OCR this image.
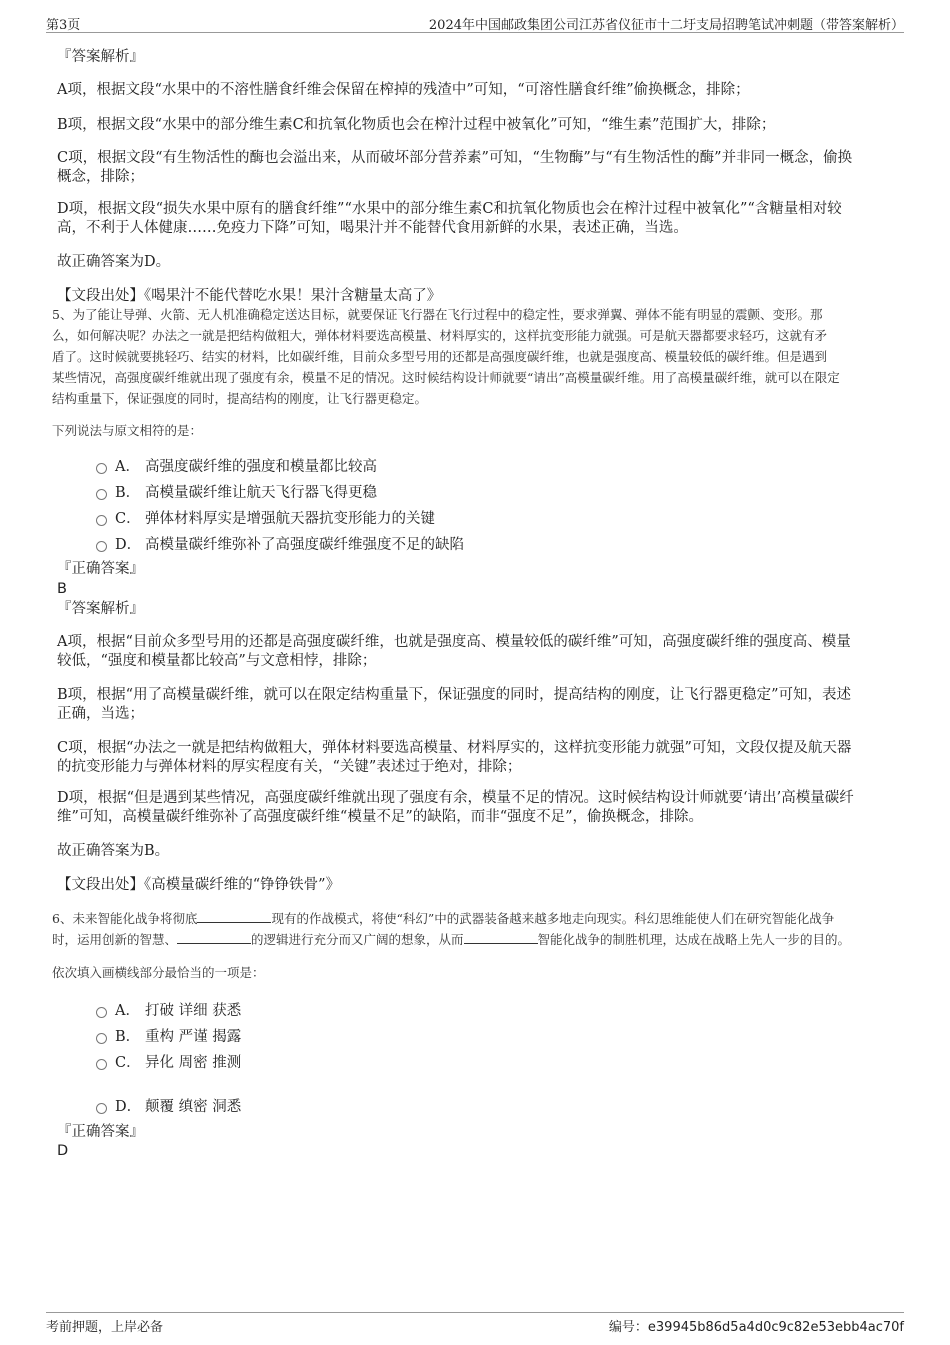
第3页	2024年中国邮政集团公司江苏省仪征市十二圩支局招聘笔试冲刺题（带答案解析）
『答案解析』
A项，根据文段“水果中的不溶性膳食纤维会保留在榨掉的残渣中”可知，“可溶性膳食纤维”偷换概念，排除；
B项，根据文段“水果中的部分维生素C和抗氧化物质也会在榨汁过程中被氧化”可知，“维生素”范围扩大，排除；
C项，根据文段“有生物活性的酶也会溢出来，从而破坏部分营养素”可知，“生物酶”与“有生物活性的酶”并非同一概念，偷换
概念，排除；
D项，根据文段“损失水果中原有的膳食纤维”“水果中的部分维生素C和抗氧化物质也会在榨汁过程中被氧化”“含糖量相对较
高，不利于人体健康……免疫力下降”可知，喝果汁并不能替代食用新鲜的水果，表述正确，当选。
故正确答案为D。
【文段出处】《喝果汁不能代替吃水果！果汁含糖量太高了》
5、为了能让导弹、火箭、无人机准确稳定送达目标，就要保证飞行器在飞行过程中的稳定性，要求弹翼、弹体不能有明显的震颤、变形。那
么，如何解决呢？办法之一就是把结构做粗大，弹体材料要选高模量、材料厚实的，这样抗变形能力就强。可是航天器都要求轻巧，这就有矛
盾了。这时候就要挑轻巧、结实的材料，比如碳纤维，目前众多型号用的还都是高强度碳纤维，也就是强度高、模量较低的碳纤维。但是遇到
某些情况，高强度碳纤维就出现了强度有余，模量不足的情况。这时候结构设计师就要“请出”高模量碳纤维。用了高模量碳纤维，就可以在限定
结构重量下，保证强度的同时，提高结构的刚度，让飞行器更稳定。
下列说法与原文相符的是：
A． 高强度碳纤维的强度和模量都比较高
B． 高模量碳纤维让航天飞行器飞得更稳
C． 弹体材料厚实是增强航天器抗变形能力的关键
D． 高模量碳纤维弥补了高强度碳纤维强度不足的缺陷
『正确答案』
B
『答案解析』
A项，根据“目前众多型号用的还都是高强度碳纤维，也就是强度高、模量较低的碳纤维”可知，高强度碳纤维的强度高、模量
较低，“强度和模量都比较高”与文意相悖，排除；
B项，根据“用了高模量碳纤维，就可以在限定结构重量下，保证强度的同时，提高结构的刚度，让飞行器更稳定”可知，表述
正确，当选；
C项，根据“办法之一就是把结构做粗大，弹体材料要选高模量、材料厚实的，这样抗变形能力就强”可知，文段仅提及航天器
的抗变形能力与弹体材料的厚实程度有关，“关键”表述过于绝对，排除；
D项，根据“但是遇到某些情况，高强度碳纤维就出现了强度有余，模量不足的情况。这时候结构设计师就要‘请出’高模量碳纤
维”可知，高模量碳纤维弥补了高强度碳纤维“模量不足”的缺陷，而非“强度不足”，偷换概念，排除。
故正确答案为B。
【文段出处】《高模量碳纤维的“铮铮铁骨”》
6、未来智能化战争将彻底	现有的作战模式，将使“科幻”中的武器装备越来越多地走向现实。科幻思维能使人们在研究智能化战争
时，运用创新的智慧、	的逻辑进行充分而又广阔的想象，从而	智能化战争的制胜机理，达成在战略上先人一步的目的。
依次填入画横线部分最恰当的一项是：
A． 打破 详细 获悉
B． 重构 严谨 揭露
C． 异化 周密 推测
D． 颠覆 缜密 洞悉
『正确答案』
D
考前押题，上岸必备	编号：e39945b86d5a4d0c9c82e53ebb4ac70f
